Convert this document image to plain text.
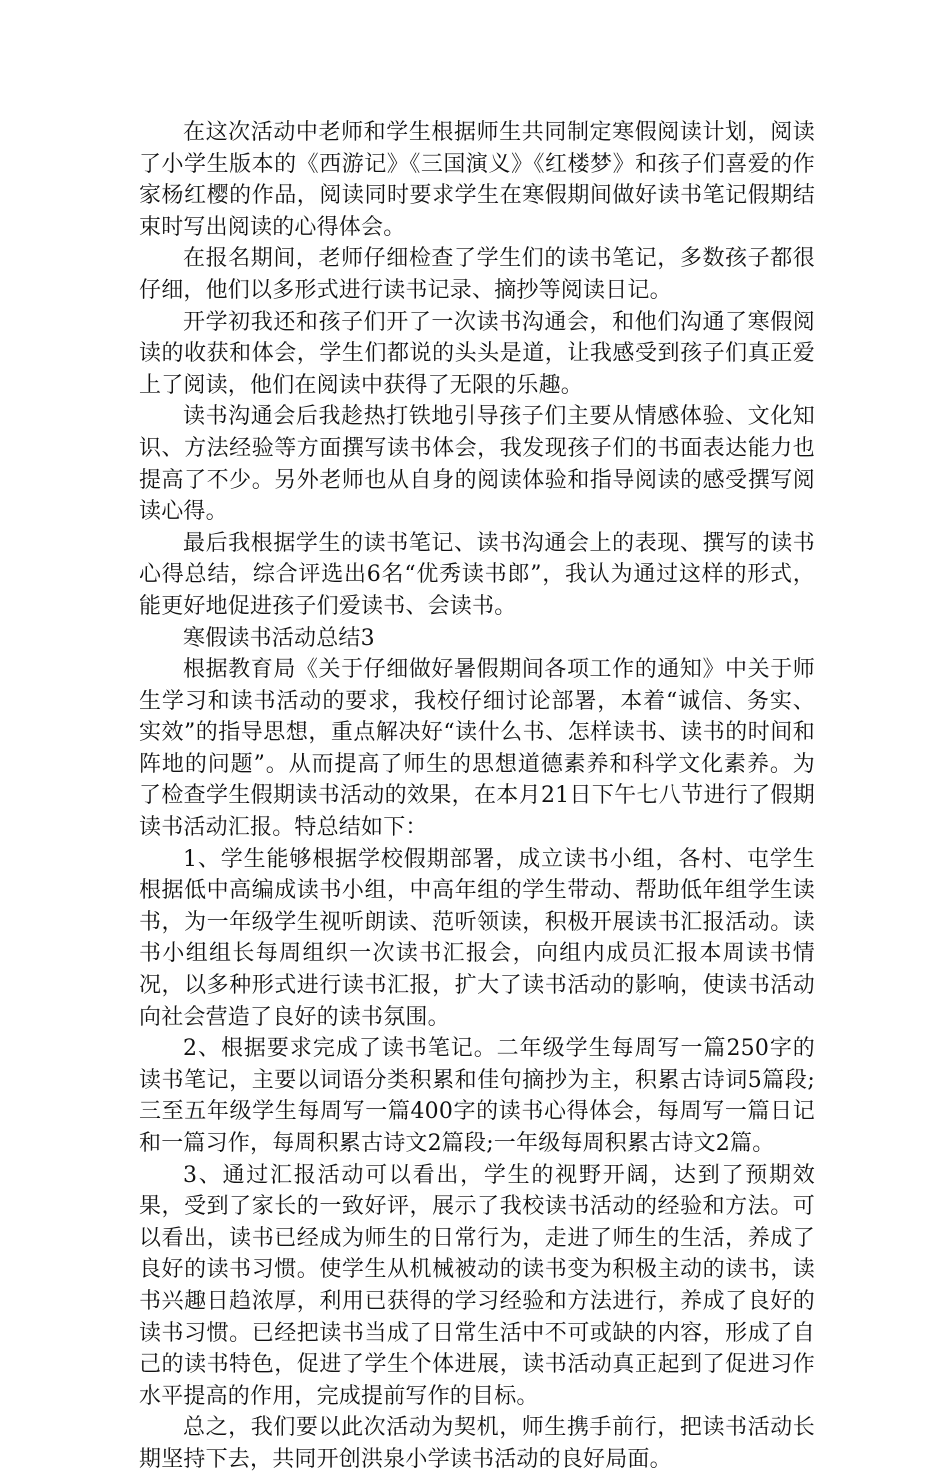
在这次活动中老师和学生根据师生共同制定寒假阅读计划，阅读了小学生版本的《西游记》《三国演义》《红楼梦》和孩子们喜爱的作家杨红樱的作品，阅读同时要求学生在寒假期间做好读书笔记假期结束时写出阅读的心得体会。

在报名期间，老师仔细检查了学生们的读书笔记，多数孩子都很仔细，他们以多形式进行读书记录、摘抄等阅读日记。

开学初我还和孩子们开了一次读书沟通会，和他们沟通了寒假阅读的收获和体会，学生们都说的头头是道，让我感受到孩子们真正爱上了阅读，他们在阅读中获得了无限的乐趣。

读书沟通会后我趁热打铁地引导孩子们主要从情感体验、文化知识、方法经验等方面撰写读书体会，我发现孩子们的书面表达能力也提高了不少。另外老师也从自身的阅读体验和指导阅读的感受撰写阅读心得。

最后我根据学生的读书笔记、读书沟通会上的表现、撰写的读书心得总结，综合评选出6名“优秀读书郎”，我认为通过这样的形式，能更好地促进孩子们爱读书、会读书。

寒假读书活动总结3

根据教育局《关于仔细做好暑假期间各项工作的通知》中关于师生学习和读书活动的要求，我校仔细讨论部署，本着“诚信、务实、实效”的指导思想，重点解决好“读什么书、怎样读书、读书的时间和阵地的问题”。从而提高了师生的思想道德素养和科学文化素养。为了检查学生假期读书活动的效果，在本月21日下午七八节进行了假期读书活动汇报。特总结如下：

1、学生能够根据学校假期部署，成立读书小组，各村、屯学生根据低中高编成读书小组，中高年组的学生带动、帮助低年组学生读书，为一年级学生视听朗读、范听领读，积极开展读书汇报活动。读书小组组长每周组织一次读书汇报会，向组内成员汇报本周读书情况，以多种形式进行读书汇报，扩大了读书活动的影响，使读书活动向社会营造了良好的读书氛围。

2、根据要求完成了读书笔记。二年级学生每周写一篇250字的读书笔记，主要以词语分类积累和佳句摘抄为主，积累古诗词5篇段;三至五年级学生每周写一篇400字的读书心得体会，每周写一篇日记和一篇习作，每周积累古诗文2篇段;一年级每周积累古诗文2篇。

3、通过汇报活动可以看出，学生的视野开阔，达到了预期效果，受到了家长的一致好评，展示了我校读书活动的经验和方法。可以看出，读书已经成为师生的日常行为，走进了师生的生活，养成了良好的读书习惯。使学生从机械被动的读书变为积极主动的读书，读书兴趣日趋浓厚，利用已获得的学习经验和方法进行，养成了良好的读书习惯。已经把读书当成了日常生活中不可或缺的内容，形成了自己的读书特色，促进了学生个体进展，读书活动真正起到了促进习作水平提高的作用，完成提前写作的目标。

总之，我们要以此次活动为契机，师生携手前行，把读书活动长期坚持下去，共同开创洪泉小学读书活动的良好局面。
